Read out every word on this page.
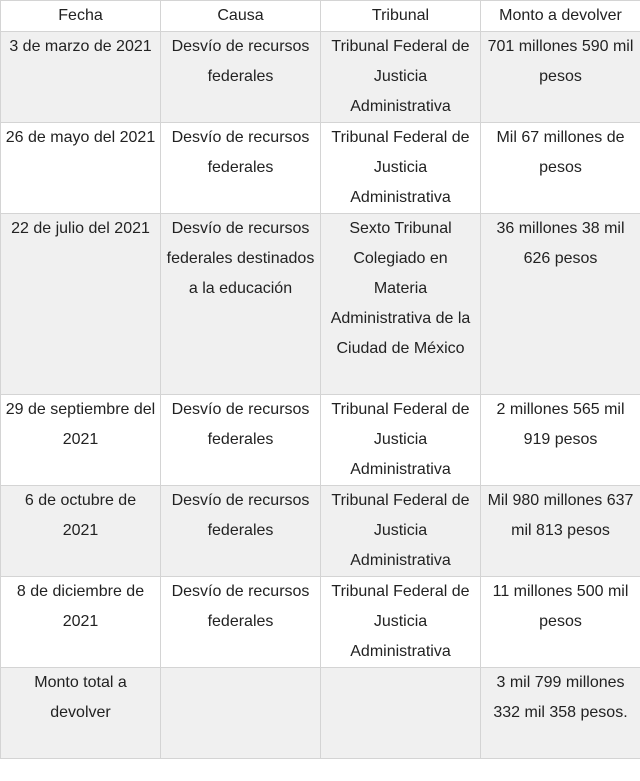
Fecha	Causa	Tribunal	Monto a devolver
3 de marzo de 2021	Desvío de recursos federales	Tribunal Federal de Justicia Administrativa	701 millones 590 mil pesos
26 de mayo del 2021	Desvío de recursos federales	Tribunal Federal de Justicia Administrativa	Mil 67 millones de pesos
22 de julio del 2021	Desvío de recursos federales destinados a la educación	Sexto Tribunal Colegiado en Materia Administrativa de la Ciudad de México	36 millones 38 mil 626 pesos
29 de septiembre del 2021	Desvío de recursos federales	Tribunal Federal de Justicia Administrativa	2 millones 565 mil 919 pesos
6 de octubre de 2021	Desvío de recursos federales	Tribunal Federal de Justicia Administrativa	Mil 980 millones 637 mil 813 pesos
8 de diciembre de 2021	Desvío de recursos federales	Tribunal Federal de Justicia Administrativa	11 millones 500 mil pesos
Monto total a devolver			3 mil 799 millones 332 mil 358 pesos.
